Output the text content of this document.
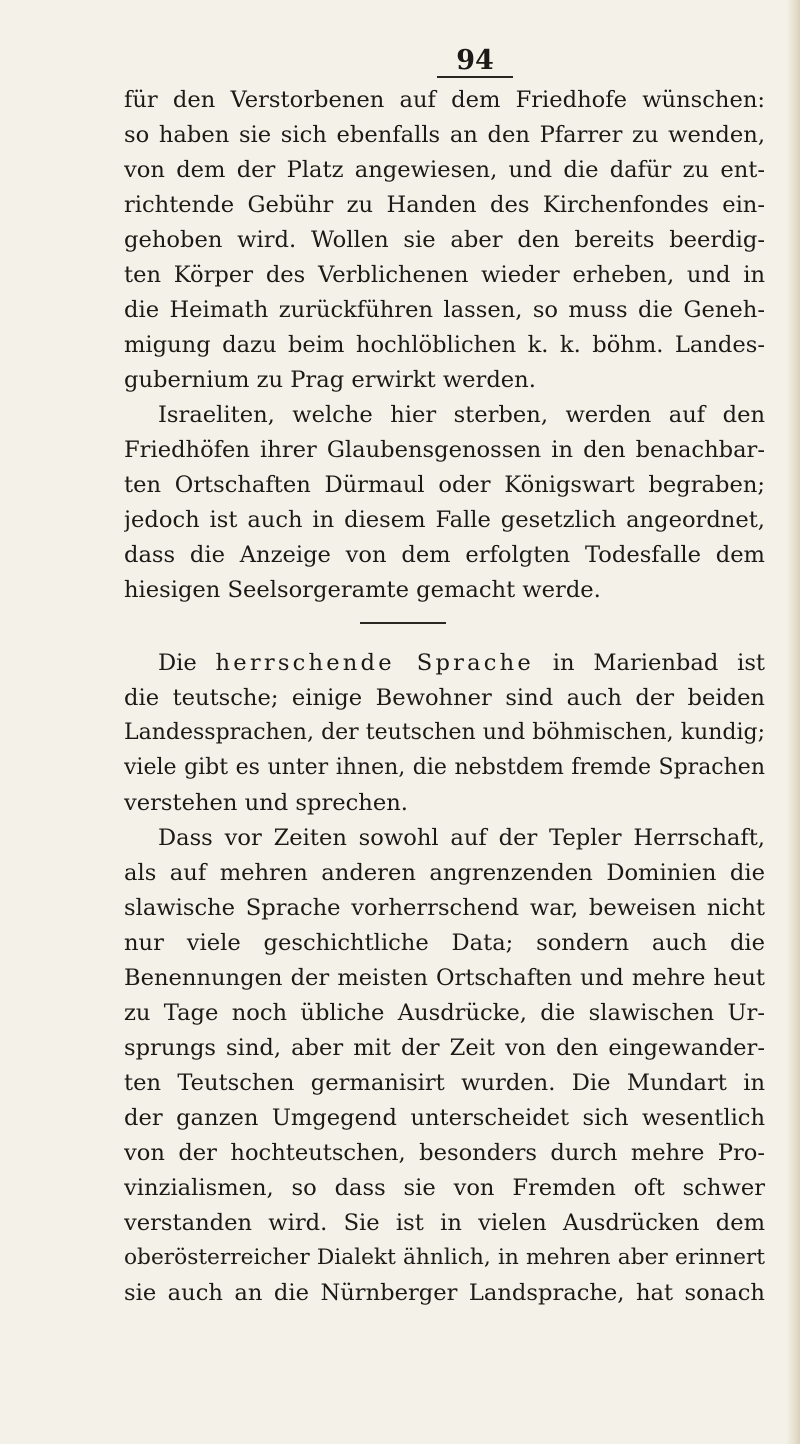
94
für den Verstorbenen auf dem Friedhofe wünschen:
so haben sie sich ebenfalls an den Pfarrer zu wenden,
von dem der Platz angewiesen, und die dafür zu ent-
richtende Gebühr zu Handen des Kirchenfondes ein-
gehoben wird. Wollen sie aber den bereits beerdig-
ten Körper des Verblichenen wieder erheben, und in
die Heimath zurückführen lassen, so muss die Geneh-
migung dazu beim hochlöblichen k. k. böhm. Landes-
gubernium zu Prag erwirkt werden.
Israeliten, welche hier sterben, werden auf den
Friedhöfen ihrer Glaubensgenossen in den benachbar-
ten Ortschaften Dürmaul oder Königswart begraben;
jedoch ist auch in diesem Falle gesetzlich angeordnet,
dass die Anzeige von dem erfolgten Todesfalle dem
hiesigen Seelsorgeramte gemacht werde.
Die herrschende Sprache in Marienbad ist
die teutsche; einige Bewohner sind auch der beiden
Landessprachen, der teutschen und böhmischen, kundig;
viele gibt es unter ihnen, die nebstdem fremde Sprachen
verstehen und sprechen.
Dass vor Zeiten sowohl auf der Tepler Herrschaft,
als auf mehren anderen angrenzenden Dominien die
slawische Sprache vorherrschend war, beweisen nicht
nur viele geschichtliche Data; sondern auch die
Benennungen der meisten Ortschaften und mehre heut
zu Tage noch übliche Ausdrücke, die slawischen Ur-
sprungs sind, aber mit der Zeit von den eingewander-
ten Teutschen germanisirt wurden. Die Mundart in
der ganzen Umgegend unterscheidet sich wesentlich
von der hochteutschen, besonders durch mehre Pro-
vinzialismen, so dass sie von Fremden oft schwer
verstanden wird. Sie ist in vielen Ausdrücken dem
oberösterreicher Dialekt ähnlich, in mehren aber erinnert
sie auch an die Nürnberger Landsprache, hat sonach
